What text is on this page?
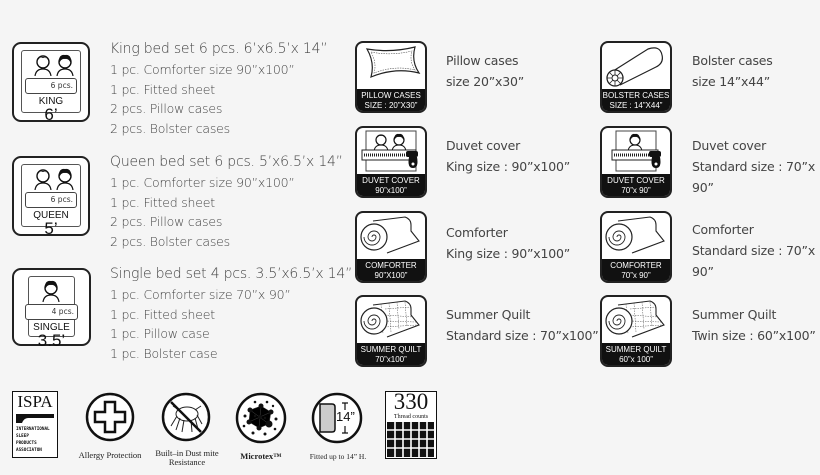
6 pcs.
KING
6’
King bed set 6 pcs. 6’x6.5’x 14”
1 pc. Comforter size 90”x100”
1 pc. Fitted sheet
2 pcs. Pillow cases
2 pcs. Bolster cases
6 pcs.
QUEEN
5’
Queen bed set 6 pcs. 5’x6.5’x 14”
1 pc. Comforter size 90”x100”
1 pc. Fitted sheet
2 pcs. Pillow cases
2 pcs. Bolster cases
4 pcs.
SINGLE
3.5’
Single bed set 4 pcs. 3.5’x6.5’x 14”
1 pc. Comforter size 70”x 90”
1 pc. Fitted sheet
1 pc. Pillow case
1 pc. Bolster case
PILLOW CASES
SIZE : 20”X30”
Pillow cases
size 20”x30”
BOLSTER CASES
SIZE : 14”X44”
Bolster cases
size 14”x44”
DUVET COVER
90”x100”
Duvet cover
King size : 90”x100”
DUVET COVER
70”x 90”
Duvet cover
Standard size : 70”x 90”
COMFORTER
90”X100”
Comforter
King size : 90”x100”
COMFORTER
70”x 90”
Comforter
Standard size : 70”x 90”
SUMMER QUILT
70”x100”
Summer Quilt
Standard size : 70”x100”
SUMMER QUILT
60”x 100”
Summer Quilt
Twin size : 60”x100”
ISPA
INTERNATIONAL
SLEEP
PRODUCTS
ASSOCIATON	Allergy Protection	Built–in Dust mite
Resistance
Microtex™
14”
Fitted up to 14” H.
330
Thread counts
